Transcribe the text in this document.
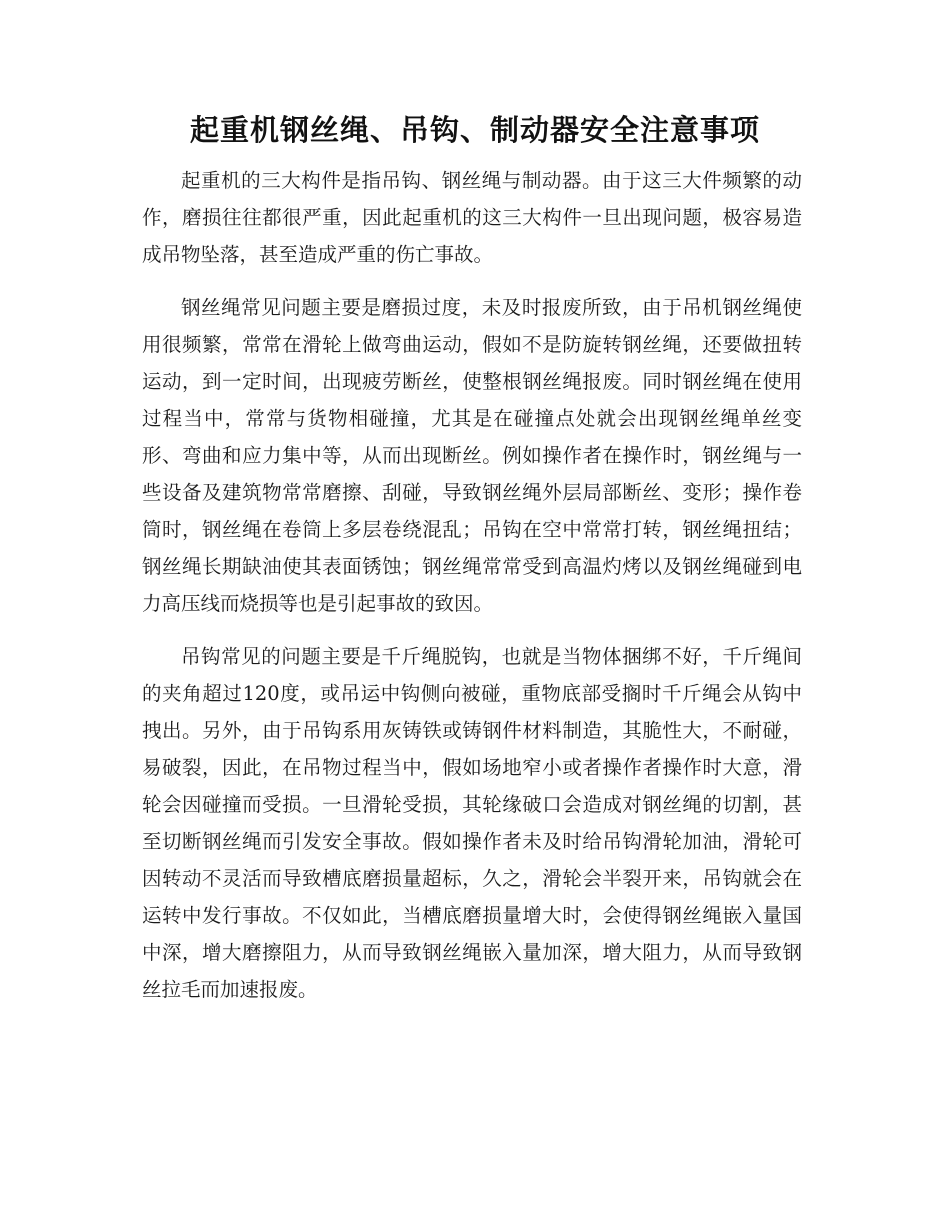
起重机钢丝绳、吊钩、制动器安全注意事项

起重机的三大构件是指吊钩、钢丝绳与制动器。由于这三大件频繁的动作，磨损往往都很严重，因此起重机的这三大构件一旦出现问题，极容易造成吊物坠落，甚至造成严重的伤亡事故。

钢丝绳常见问题主要是磨损过度，未及时报废所致，由于吊机钢丝绳使用很频繁，常常在滑轮上做弯曲运动，假如不是防旋转钢丝绳，还要做扭转运动，到一定时间，出现疲劳断丝，使整根钢丝绳报废。同时钢丝绳在使用过程当中，常常与货物相碰撞，尤其是在碰撞点处就会出现钢丝绳单丝变形、弯曲和应力集中等，从而出现断丝。例如操作者在操作时，钢丝绳与一些设备及建筑物常常磨擦、刮碰，导致钢丝绳外层局部断丝、变形；操作卷筒时，钢丝绳在卷筒上多层卷绕混乱；吊钩在空中常常打转，钢丝绳扭结；钢丝绳长期缺油使其表面锈蚀；钢丝绳常常受到高温灼烤以及钢丝绳碰到电力高压线而烧损等也是引起事故的致因。

吊钩常见的问题主要是千斤绳脱钩，也就是当物体捆绑不好，千斤绳间的夹角超过120度，或吊运中钩侧向被碰，重物底部受搁时千斤绳会从钩中拽出。另外，由于吊钩系用灰铸铁或铸钢件材料制造，其脆性大，不耐碰，易破裂，因此，在吊物过程当中，假如场地窄小或者操作者操作时大意，滑轮会因碰撞而受损。一旦滑轮受损，其轮缘破口会造成对钢丝绳的切割，甚至切断钢丝绳而引发安全事故。假如操作者未及时给吊钩滑轮加油，滑轮可因转动不灵活而导致槽底磨损量超标，久之，滑轮会半裂开来，吊钩就会在运转中发行事故。不仅如此，当槽底磨损量增大时，会使得钢丝绳嵌入量国中深，增大磨擦阻力，从而导致钢丝绳嵌入量加深，增大阻力，从而导致钢丝拉毛而加速报废。
